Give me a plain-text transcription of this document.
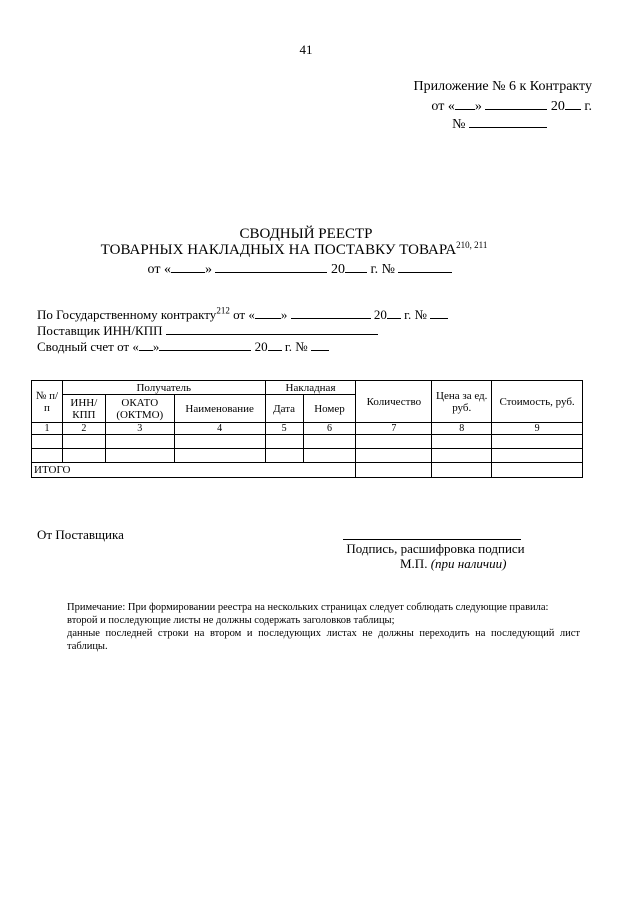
41
Приложение № 6 к Контракту
от « »	20 г.
№
СВОДНЫЙ РЕЕСТР
ТОВАРНЫХ НАКЛАДНЫХ НА ПОСТАВКУ ТОВАРА$^{210, 211}$
от « »	20 г. №
По Государственному контракту$^{212}$ от « »	20 г. №
Поставщик ИНН/КПП
Сводный счет от « »	20 г. №
№ п/п	Получатель			Накладная		Количество	Цена за ед. руб.	Стоимость, руб.
	ИНН/ КПП	ОКАТО (ОКТМО)	Наименование	Дата	Номер			
1	2	3	4	5	6	7	8	9

ИТОГО								
От Поставщика
Подпись, расшифровка подписи
М.П. (при наличии)
Примечание: При формировании реестра на нескольких страницах следует соблюдать следующие правила:
второй и последующие листы не должны содержать заголовков таблицы;
данные последней строки на втором и последующих листах не должны переходить на последующий лист таблицы.
